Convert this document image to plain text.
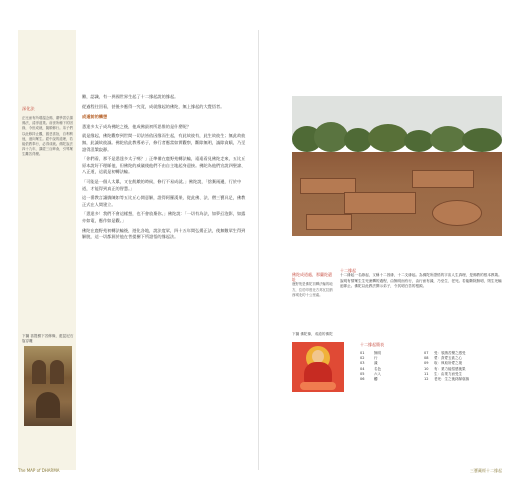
深化法
正比而有所增溫念佛，廣學習弘揚佛法，清淨道業。前世所種下的因緣，今世成就，隨順修行。弟子們以此修持止觀，慈悲喜捨，自利利他，迴向眾生。經中說的道理，若能依教奉行，必得成就。佛陀說法四十九年，講經三百餘會，引導眾生離苦得樂。
下圖 菩提樹下苦修像，藍昆尼石窟浮雕

難，認識，有一異國世界生起了十二緣起說的緣起。

從過程往回看，甚後多應得一究竟，成就緣起的佛陀，無上緣起的大覺悟者。

成道前的構想

悉達多太子成為佛陀之後，他成佛最初所思惟的是什麼呢？

就是緣起，佛陀觀察到世間一切法皆依因緣而生起，有此故彼有，此生故彼生；無此故彼無，此滅故彼滅。佛陀依此教導弟子，修行者應當如實觀察，斷除無明，滅除貪瞋，乃至證得涅槃寂靜。

「你們看，那不是悉達多太子嗎？」正準備在鹿野苑轉法輪，遠遠看見佛陀走來，五比丘原本說好不理睬他，但佛陀的威儀使他們不由自主地起身迎接。佛陀為他們宣說四聖諦、八正道，這就是初轉法輪。

「可能是一個人太累，又在飢餓的時候，修行不易成就。」佛陀說，「捨棄兩邊，行於中道，才能得到真正的智慧。」

這一番教言讓憍陳如等五比丘心開意解，證得阿羅漢果，從此佛、法、僧三寶具足，佛教正式在人間建立。

「悉達多！我們不會這樣想，也不會放棄你。」佛陀說：「一切有為法，如夢幻泡影，如露亦如電，應作如是觀。」

佛陀在鹿野苑初轉法輪後，遊化各地，說法度眾，四十五年間弘揚正法，使無數眾生得到解脫，這一切都源於他在菩提樹下所證悟的緣起法。

The MAP of DHARMA
佛陀成道處，那蘭陀遺址
鹿野苑是佛陀初轉法輪的地方，位於印度北方邦瓦拉納西城北約十公里處。
十二緣起
十二緣起一名緣起，又稱十二因緣，十二支緣起。為佛陀所證悟的宇宙人生真理，是佛教的根本教義。說明有情眾生生死流轉的過程，由無明而有行，由行而有識，乃至生、老死。若能斷除無明，則生死輪迴即止。佛陀以此教法開示弟子，令其明白苦的根源。
下圖 佛陀像，成道的佛陀
十二緣起簡表
01	無明	07	受：領納苦樂之感受
02	行	08	愛：貪愛五欲之心
03	識	09	取：執取所愛之境
04	名色	10	有：業力能招感後果
05	六入	11	生：由業力而受生
06	觸	12	老死：生之後終歸衰滅
三寶藏經十二緣起
